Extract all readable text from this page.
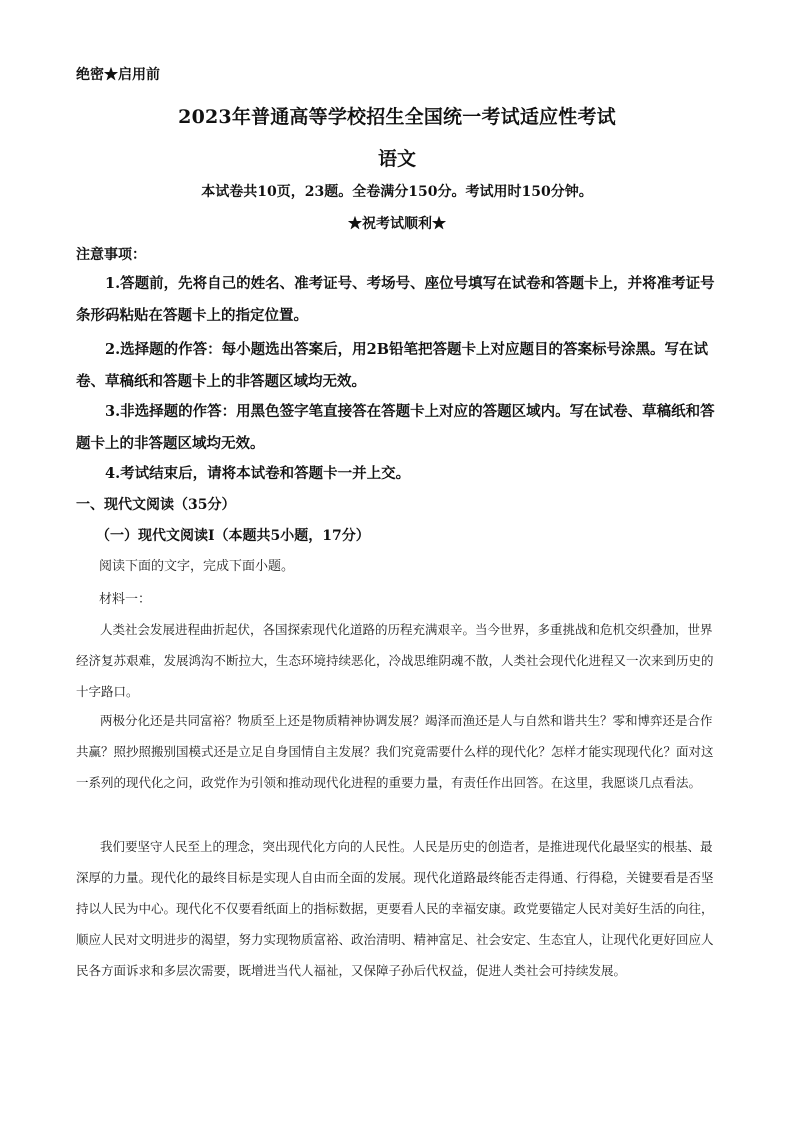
绝密★启用前
2023年普通高等学校招生全国统一考试适应性考试
语文
本试卷共10页，23题。全卷满分150分。考试用时150分钟。
★祝考试顺利★
注意事项：
1.答题前，先将自己的姓名、准考证号、考场号、座位号填写在试卷和答题卡上，并将准考证号条形码粘贴在答题卡上的指定位置。
2.选择题的作答：每小题选出答案后，用2B铅笔把答题卡上对应题目的答案标号涂黑。写在试卷、草稿纸和答题卡上的非答题区域均无效。
3.非选择题的作答：用黑色签字笔直接答在答题卡上对应的答题区域内。写在试卷、草稿纸和答题卡上的非答题区域均无效。
4.考试结束后，请将本试卷和答题卡一并上交。
一、现代文阅读（35分）
（一）现代文阅读Ⅰ（本题共5小题，17分）
阅读下面的文字，完成下面小题。
材料一：
人类社会发展进程曲折起伏，各国探索现代化道路的历程充满艰辛。当今世界，多重挑战和危机交织叠加，世界经济复苏艰难，发展鸿沟不断拉大，生态环境持续恶化，冷战思维阴魂不散，人类社会现代化进程又一次来到历史的十字路口。
两极分化还是共同富裕？物质至上还是物质精神协调发展？竭泽而渔还是人与自然和谐共生？零和博弈还是合作共赢？照抄照搬别国模式还是立足自身国情自主发展？我们究竟需要什么样的现代化？怎样才能实现现代化？面对这一系列的现代化之问，政党作为引领和推动现代化进程的重要力量，有责任作出回答。在这里，我愿谈几点看法。
我们要坚守人民至上的理念，突出现代化方向的人民性。人民是历史的创造者，是推进现代化最坚实的根基、最深厚的力量。现代化的最终目标是实现人自由而全面的发展。现代化道路最终能否走得通、行得稳，关键要看是否坚持以人民为中心。现代化不仅要看纸面上的指标数据，更要看人民的幸福安康。政党要锚定人民对美好生活的向往，顺应人民对文明进步的渴望，努力实现物质富裕、政治清明、精神富足、社会安定、生态宜人，让现代化更好回应人民各方面诉求和多层次需要，既增进当代人福祉，又保障子孙后代权益，促进人类社会可持续发展。
